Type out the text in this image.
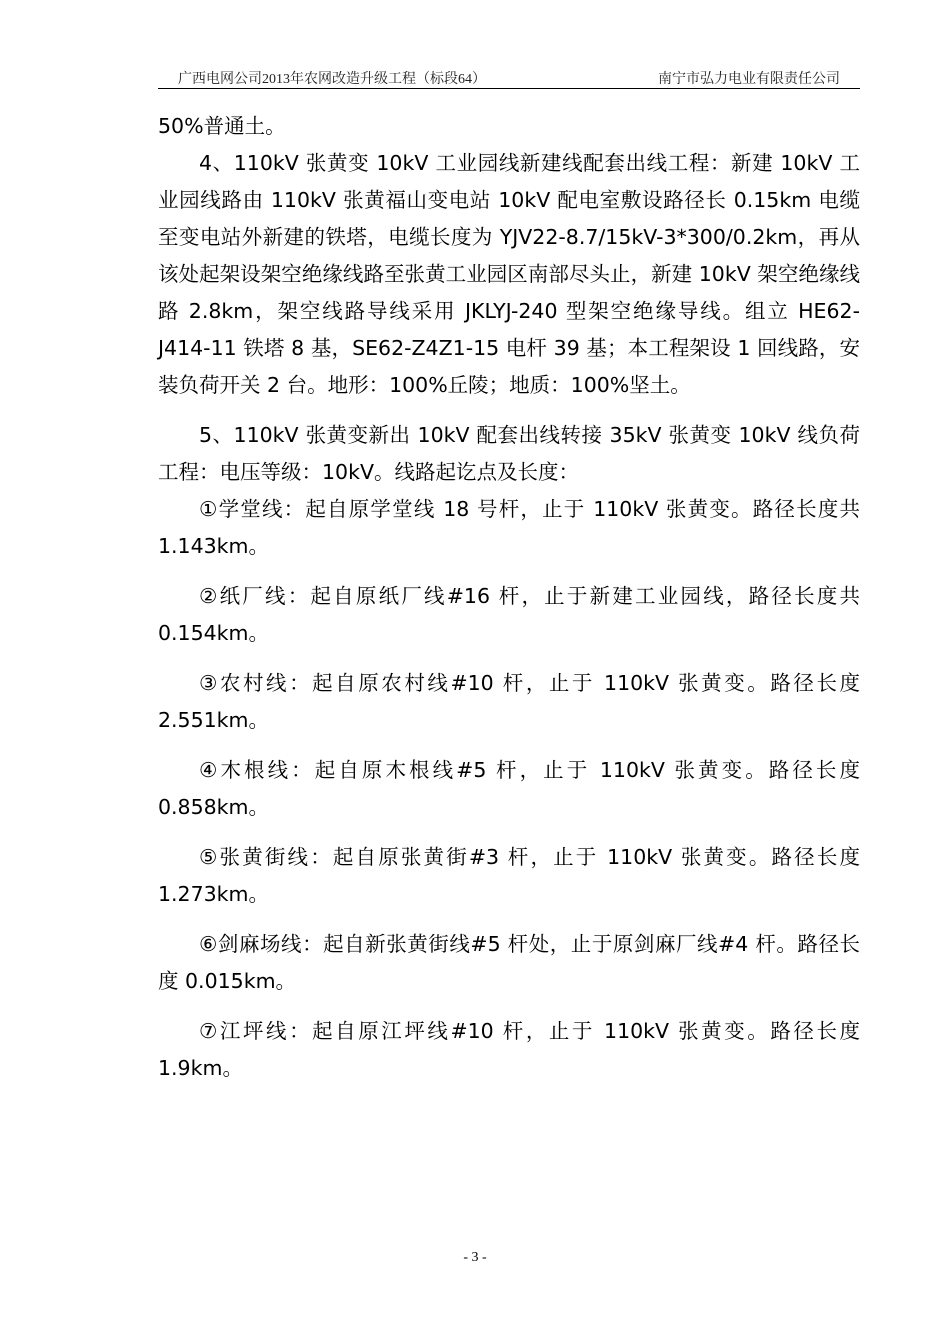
广西电网公司2013年农网改造升级工程（标段64）	南宁市弘力电业有限责任公司

50%普通土。

4、110kV 张黄变 10kV 工业园线新建线配套出线工程：新建 10kV 工业园线路由 110kV 张黄福山变电站 10kV 配电室敷设路径长 0.15km 电缆至变电站外新建的铁塔，电缆长度为 YJV22-8.7/15kV-3*300/0.2km，再从该处起架设架空绝缘线路至张黄工业园区南部尽头止，新建 10kV 架空绝缘线路 2.8km，架空线路导线采用 JKLYJ-240 型架空绝缘导线。组立 HE62-J414-11 铁塔 8 基，SE62-Z4Z1-15 电杆 39 基；本工程架设 1 回线路，安装负荷开关 2 台。地形：100%丘陵；地质：100%坚土。

5、110kV 张黄变新出 10kV 配套出线转接 35kV 张黄变 10kV 线负荷工程：电压等级：10kV。线路起讫点及长度：

①学堂线：起自原学堂线 18 号杆，止于 110kV 张黄变。路径长度共 1.143km。

②纸厂线：起自原纸厂线#16 杆，止于新建工业园线，路径长度共 0.154km。

③农村线：起自原农村线#10 杆，止于 110kV 张黄变。路径长度 2.551km。

④木根线：起自原木根线#5 杆，止于 110kV 张黄变。路径长度 0.858km。

⑤张黄街线：起自原张黄街#3 杆，止于 110kV 张黄变。路径长度 1.273km。

⑥剑麻场线：起自新张黄街线#5 杆处，止于原剑麻厂线#4 杆。路径长度 0.015km。

⑦江坪线：起自原江坪线#10 杆，止于 110kV 张黄变。路径长度 1.9km。

- 3 -
